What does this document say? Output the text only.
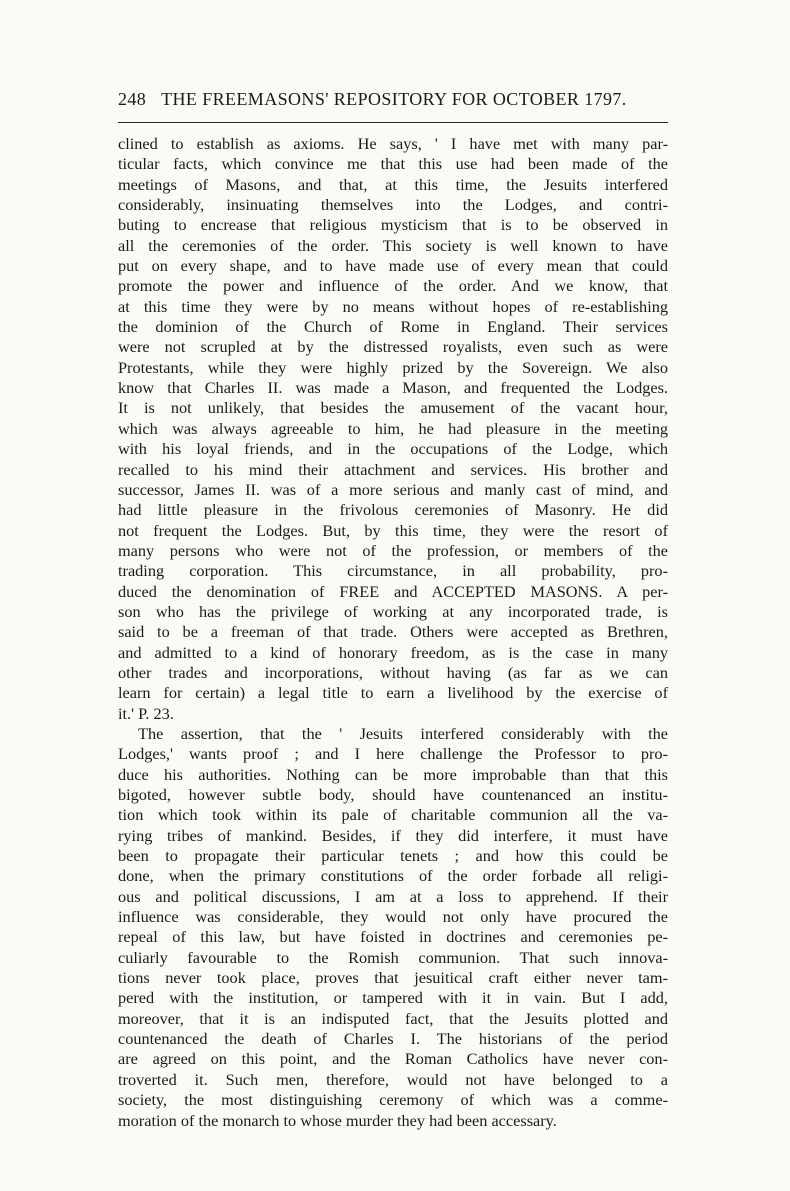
248 THE FREEMASONS' REPOSITORY FOR OCTOBER 1797.
clined to establish as axioms. He says, ' I have met with many par-
ticular facts, which convince me that this use had been made of the
meetings of Masons, and that, at this time, the Jesuits interfered
considerably, insinuating themselves into the Lodges, and contri-
buting to encrease that religious mysticism that is to be observed in
all the ceremonies of the order. This society is well known to have
put on every shape, and to have made use of every mean that could
promote the power and influence of the order. And we know, that
at this time they were by no means without hopes of re-establishing
the dominion of the Church of Rome in England. Their services
were not scrupled at by the distressed royalists, even such as were
Protestants, while they were highly prized by the Sovereign. We also
know that Charles II. was made a Mason, and frequented the Lodges.
It is not unlikely, that besides the amusement of the vacant hour,
which was always agreeable to him, he had pleasure in the meeting
with his loyal friends, and in the occupations of the Lodge, which
recalled to his mind their attachment and services. His brother and
successor, James II. was of a more serious and manly cast of mind, and
had little pleasure in the frivolous ceremonies of Masonry. He did
not frequent the Lodges. But, by this time, they were the resort of
many persons who were not of the profession, or members of the
trading corporation. This circumstance, in all probability, pro-
duced the denomination of FREE and ACCEPTED MASONS. A per-
son who has the privilege of working at any incorporated trade, is
said to be a freeman of that trade. Others were accepted as Brethren,
and admitted to a kind of honorary freedom, as is the case in many
other trades and incorporations, without having (as far as we can
learn for certain) a legal title to earn a livelihood by the exercise of
it.' P. 23.
The assertion, that the ' Jesuits interfered considerably with the
Lodges,' wants proof ; and I here challenge the Professor to pro-
duce his authorities. Nothing can be more improbable than that this
bigoted, however subtle body, should have countenanced an institu-
tion which took within its pale of charitable communion all the va-
rying tribes of mankind. Besides, if they did interfere, it must have
been to propagate their particular tenets ; and how this could be
done, when the primary constitutions of the order forbade all religi-
ous and political discussions, I am at a loss to apprehend. If their
influence was considerable, they would not only have procured the
repeal of this law, but have foisted in doctrines and ceremonies pe-
culiarly favourable to the Romish communion. That such innova-
tions never took place, proves that jesuitical craft either never tam-
pered with the institution, or tampered with it in vain. But I add,
moreover, that it is an indisputed fact, that the Jesuits plotted and
countenanced the death of Charles I. The historians of the period
are agreed on this point, and the Roman Catholics have never con-
troverted it. Such men, therefore, would not have belonged to a
society, the most distinguishing ceremony of which was a comme-
moration of the monarch to whose murder they had been accessary.
